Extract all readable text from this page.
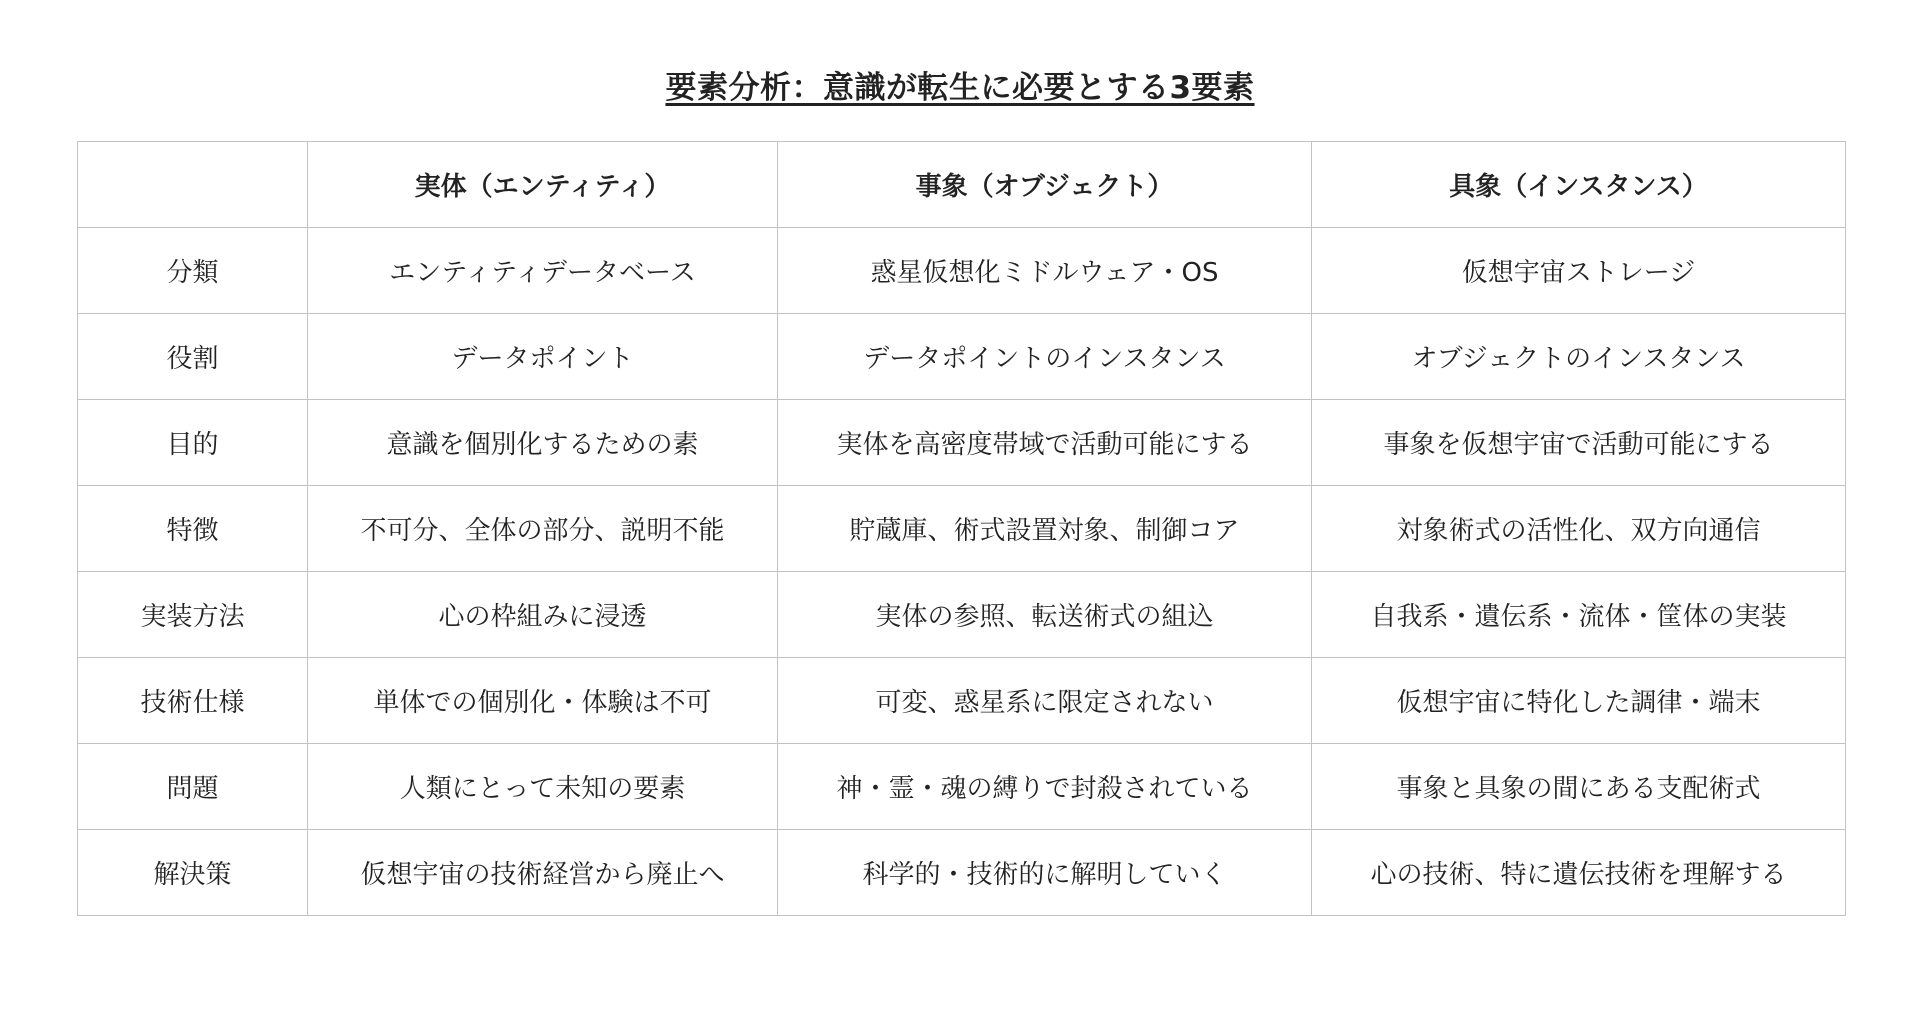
要素分析：意識が転生に必要とする3要素
	実体（エンティティ）	事象（オブジェクト）	具象（インスタンス）
分類	エンティティデータベース	惑星仮想化ミドルウェア・OS	仮想宇宙ストレージ
役割	データポイント	データポイントのインスタンス	オブジェクトのインスタンス
目的	意識を個別化するための素	実体を高密度帯域で活動可能にする	事象を仮想宇宙で活動可能にする
特徴	不可分、全体の部分、説明不能	貯蔵庫、術式設置対象、制御コア	対象術式の活性化、双方向通信
実装方法	心の枠組みに浸透	実体の参照、転送術式の組込	自我系・遺伝系・流体・筐体の実装
技術仕様	単体での個別化・体験は不可	可変、惑星系に限定されない	仮想宇宙に特化した調律・端末
問題	人類にとって未知の要素	神・霊・魂の縛りで封殺されている	事象と具象の間にある支配術式
解決策	仮想宇宙の技術経営から廃止へ	科学的・技術的に解明していく	心の技術、特に遺伝技術を理解する
